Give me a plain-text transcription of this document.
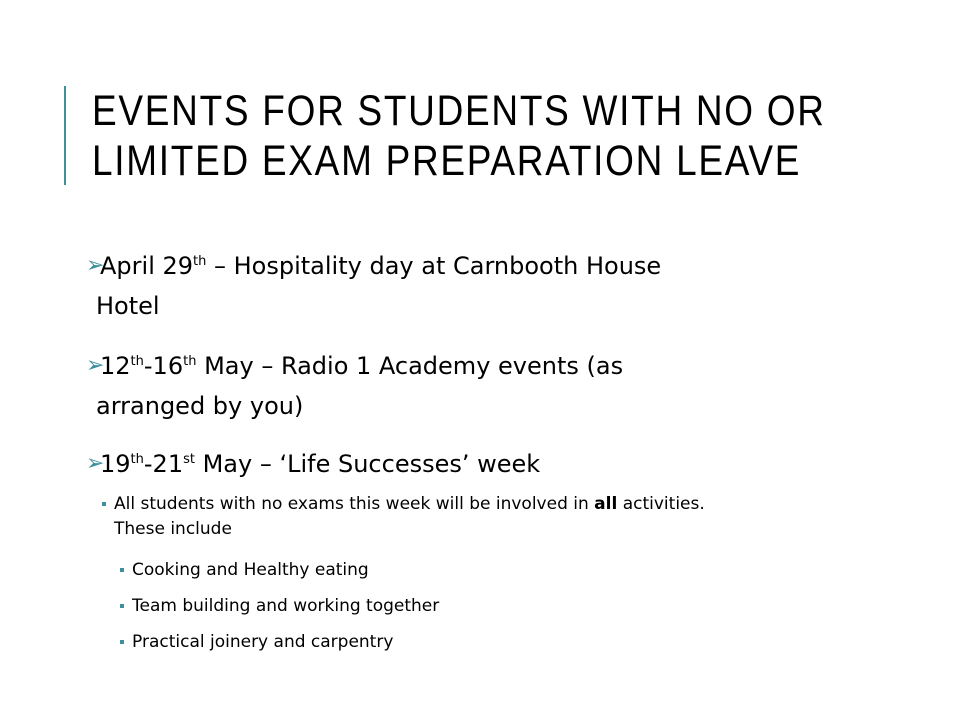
EVENTS FOR STUDENTS WITH NO OR
LIMITED EXAM PREPARATION LEAVE
➢
April 29th – Hospitality day at Carnbooth House
Hotel
➢
12th-16th May – Radio 1 Academy events (as
arranged by you)
➢
19th-21st May – ‘Life Successes’ week
All students with no exams this week will be involved in all activities.
These include
Cooking and Healthy eating
Team building and working together
Practical joinery and carpentry
